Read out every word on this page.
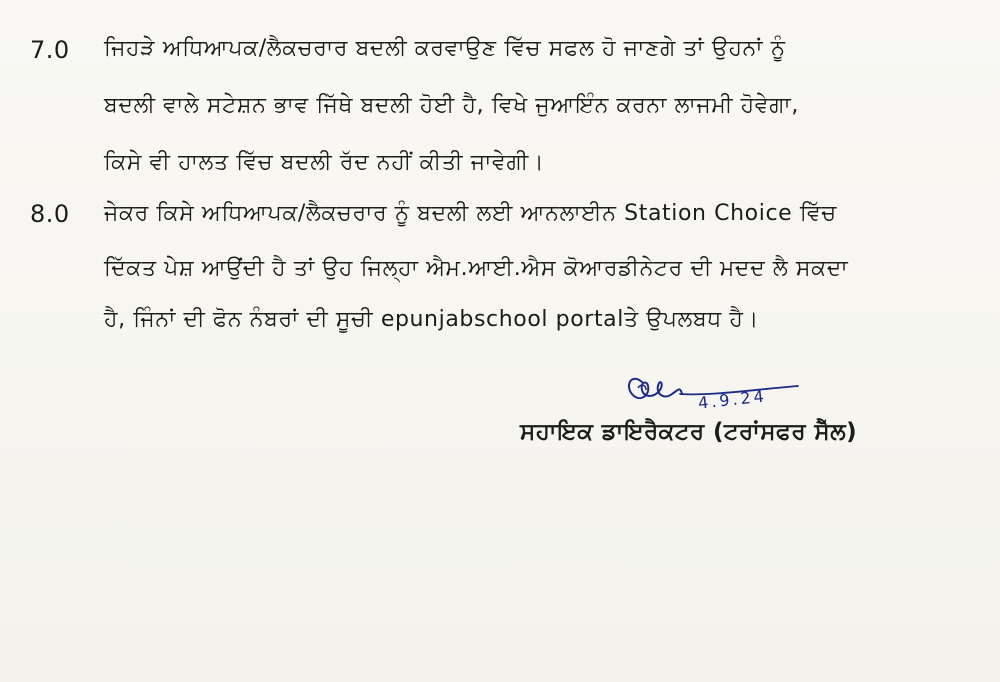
7.0 ਜਿਹੜੇ ਅਧਿਆਪਕ/ਲੈਕਚਰਾਰ ਬਦਲੀ ਕਰਵਾਉਣ ਵਿੱਚ ਸਫਲ ਹੋ ਜਾਣਗੇ ਤਾਂ ਉਹਨਾਂ ਨੂੰ
ਬਦਲੀ ਵਾਲੇ ਸਟੇਸ਼ਨ ਭਾਵ ਜਿੱਥੇ ਬਦਲੀ ਹੋਈ ਹੈ, ਵਿਖੇ ਜੁਆਇੰਨ ਕਰਨਾ ਲਾਜਮੀ ਹੋਵੇਗਾ,
ਕਿਸੇ ਵੀ ਹਾਲਤ ਵਿੱਚ ਬਦਲੀ ਰੱਦ ਨਹੀਂ ਕੀਤੀ ਜਾਵੇਗੀ।
8.0 ਜੇਕਰ ਕਿਸੇ ਅਧਿਆਪਕ/ਲੈਕਚਰਾਰ ਨੂੰ ਬਦਲੀ ਲਈ ਆਨਲਾਈਨ Station Choice ਵਿੱਚ
ਦਿੱਕਤ ਪੇਸ਼ ਆਉਂਦੀ ਹੈ ਤਾਂ ਉਹ ਜਿਲ੍ਹਾ ਐਮ.ਆਈ.ਐਸ ਕੋਆਰਡੀਨੇਟਰ ਦੀ ਮਦਦ ਲੈ ਸਕਦਾ
ਹੈ, ਜਿੰਨਾਂ ਦੀ ਫੋਨ ਨੰਬਰਾਂ ਦੀ ਸੂਚੀ epunjabschool portalਤੇ ਉਪਲਬਧ ਹੈ।
4.9.24
ਸਹਾਇਕ ਡਾਇਰੈਕਟਰ (ਟਰਾਂਸਫਰ ਸੈੱਲ)
